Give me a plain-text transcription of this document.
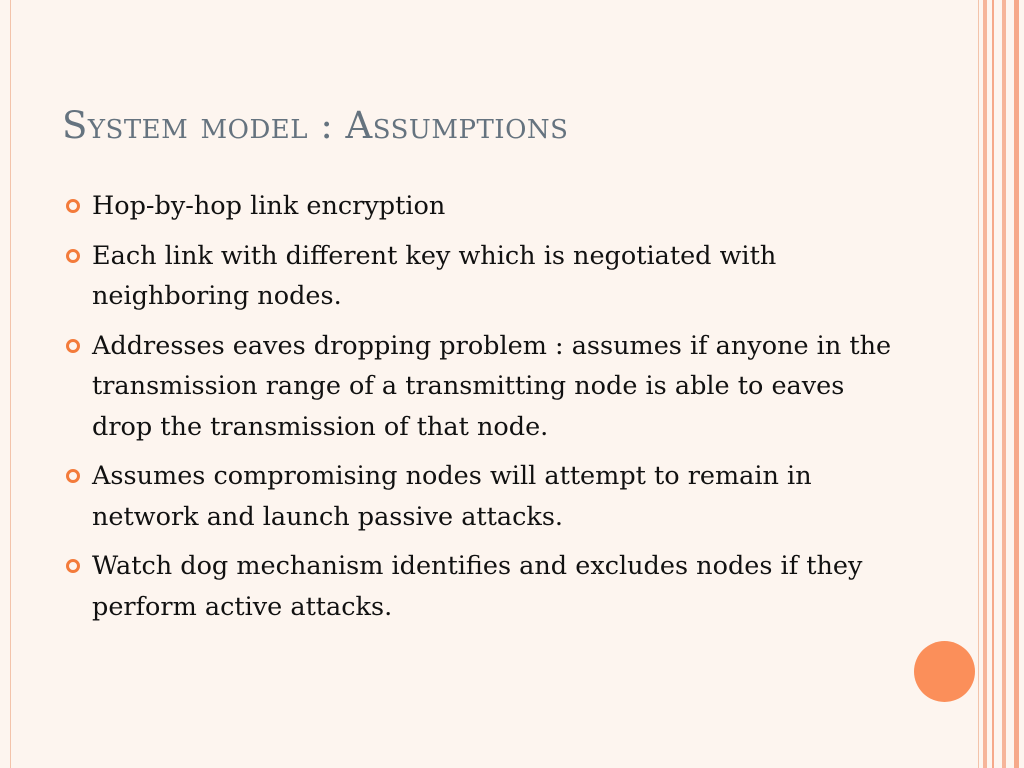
System model : Assumptions
Hop-by-hop link encryption
Each link with different key which is negotiated with neighboring nodes.
Addresses eaves dropping problem : assumes if anyone in the transmission range of a transmitting node is able to eaves drop the transmission of that node.
Assumes compromising nodes will attempt to remain in network and launch passive attacks.
Watch dog mechanism identifies and excludes nodes if they perform active attacks.
